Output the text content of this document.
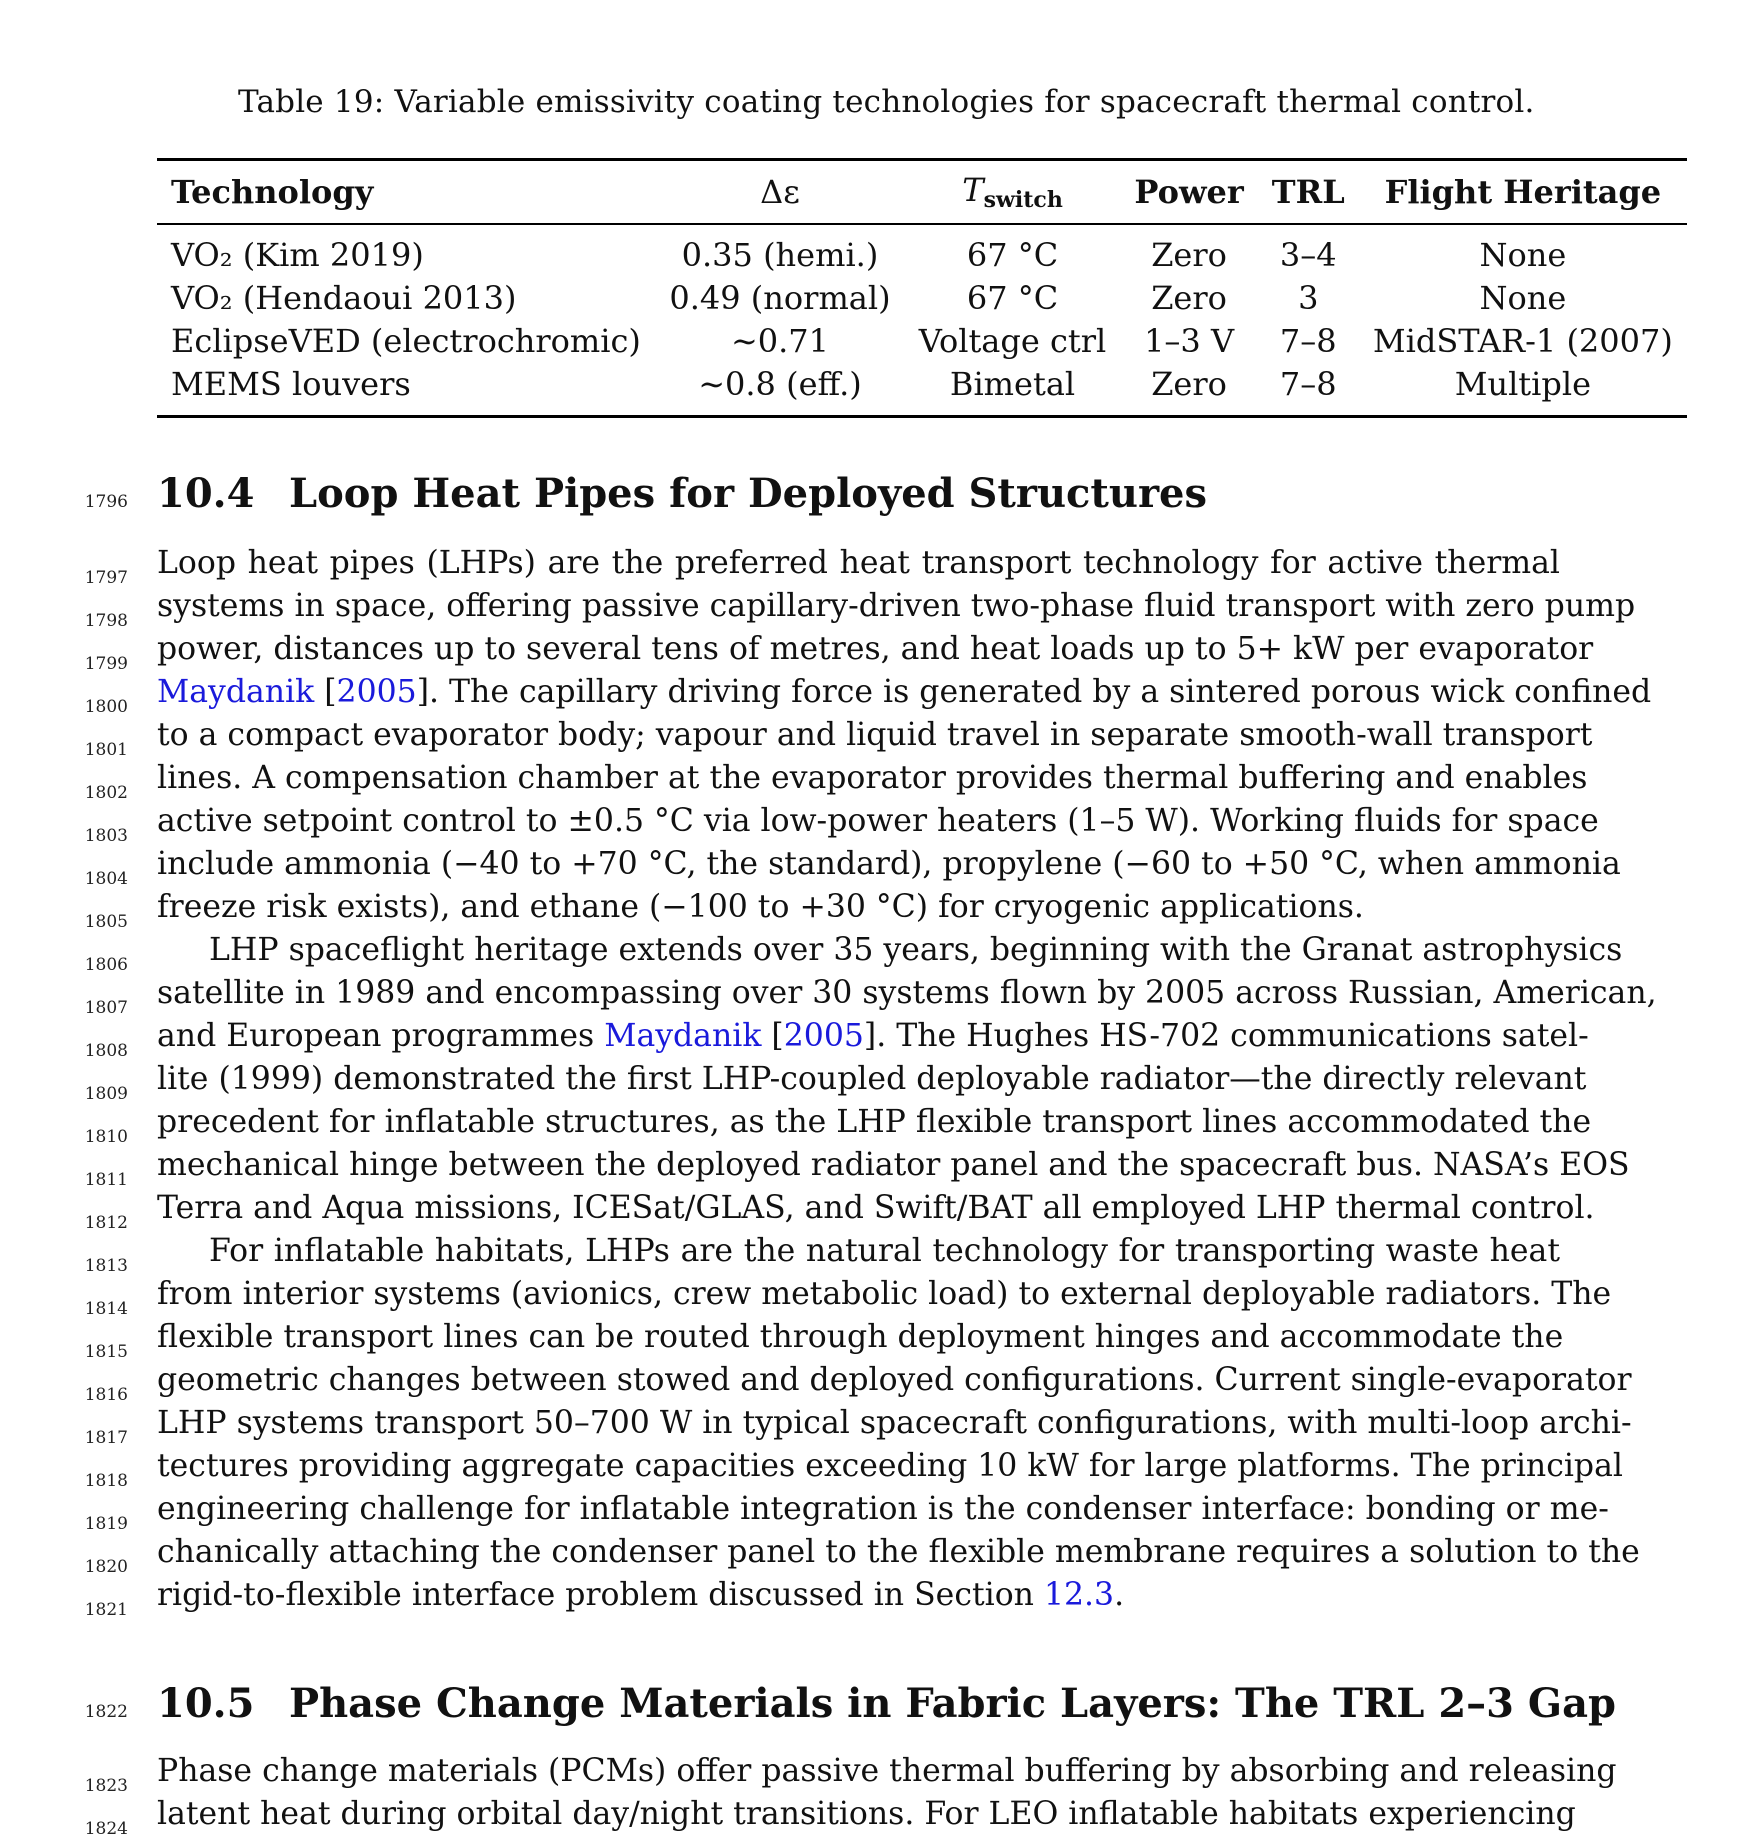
Table 19: Variable emissivity coating technologies for spacecraft thermal control.
Technology	Δε	$T_{switch}$	Power	TRL	Flight Heritage
VO₂ (Kim 2019)	0.35 (hemi.)	67 °C	Zero	3–4	None
VO₂ (Hendaoui 2013)	0.49 (normal)	67 °C	Zero	3	None
EclipseVED (electrochromic)	∼0.71	Voltage ctrl	1–3 V	7–8	MidSTAR-1 (2007)
MEMS louvers	∼0.8 (eff.)	Bimetal	Zero	7–8	Multiple
1796 10.4 Loop Heat Pipes for Deployed Structures
1797 Loop heat pipes (LHPs) are the preferred heat transport technology for active thermal
1798 systems in space, offering passive capillary-driven two-phase fluid transport with zero pump
1799 power, distances up to several tens of metres, and heat loads up to 5+ kW per evaporator
1800 Maydanik [2005]. The capillary driving force is generated by a sintered porous wick confined
1801 to a compact evaporator body; vapour and liquid travel in separate smooth-wall transport
1802 lines. A compensation chamber at the evaporator provides thermal buffering and enables
1803 active setpoint control to ±0.5 °C via low-power heaters (1–5 W). Working fluids for space
1804 include ammonia (−40 to +70 °C, the standard), propylene (−60 to +50 °C, when ammonia
1805 freeze risk exists), and ethane (−100 to +30 °C) for cryogenic applications.
1806	LHP spaceflight heritage extends over 35 years, beginning with the Granat astrophysics
1807 satellite in 1989 and encompassing over 30 systems flown by 2005 across Russian, American,
1808 and European programmes Maydanik [2005]. The Hughes HS-702 communications satel-
1809 lite (1999) demonstrated the first LHP-coupled deployable radiator—the directly relevant
1810 precedent for inflatable structures, as the LHP flexible transport lines accommodated the
1811 mechanical hinge between the deployed radiator panel and the spacecraft bus. NASA’s EOS
1812 Terra and Aqua missions, ICESat/GLAS, and Swift/BAT all employed LHP thermal control.
1813	For inflatable habitats, LHPs are the natural technology for transporting waste heat
1814 from interior systems (avionics, crew metabolic load) to external deployable radiators. The
1815 flexible transport lines can be routed through deployment hinges and accommodate the
1816 geometric changes between stowed and deployed configurations. Current single-evaporator
1817 LHP systems transport 50–700 W in typical spacecraft configurations, with multi-loop archi-
1818 tectures providing aggregate capacities exceeding 10 kW for large platforms. The principal
1819 engineering challenge for inflatable integration is the condenser interface: bonding or me-
1820 chanically attaching the condenser panel to the flexible membrane requires a solution to the
1821 rigid-to-flexible interface problem discussed in Section 12.3.
1822 10.5 Phase Change Materials in Fabric Layers: The TRL 2–3 Gap
1823 Phase change materials (PCMs) offer passive thermal buffering by absorbing and releasing
1824 latent heat during orbital day/night transitions. For LEO inflatable habitats experiencing
